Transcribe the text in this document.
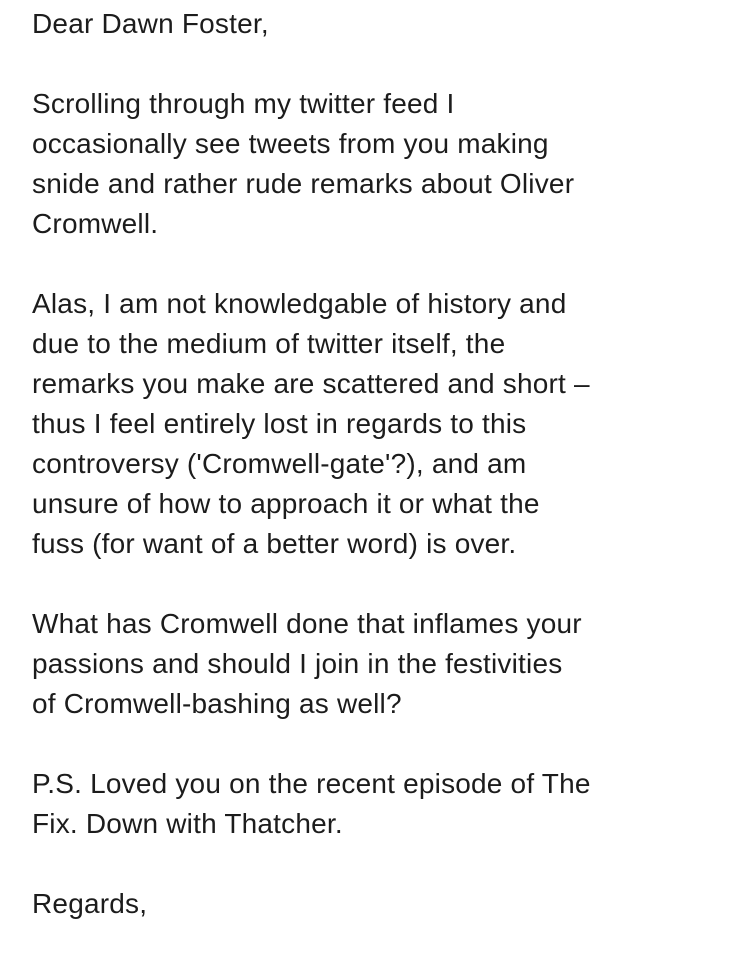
Dear Dawn Foster,
Scrolling through my twitter feed I
occasionally see tweets from you making
snide and rather rude remarks about Oliver
Cromwell.
Alas, I am not knowledgable of history and
due to the medium of twitter itself, the
remarks you make are scattered and short –
thus I feel entirely lost in regards to this
controversy ('Cromwell-gate'?), and am
unsure of how to approach it or what the
fuss (for want of a better word) is over.
What has Cromwell done that inflames your
passions and should I join in the festivities
of Cromwell-bashing as well?
P.S. Loved you on the recent episode of The
Fix. Down with Thatcher.
Regards,
